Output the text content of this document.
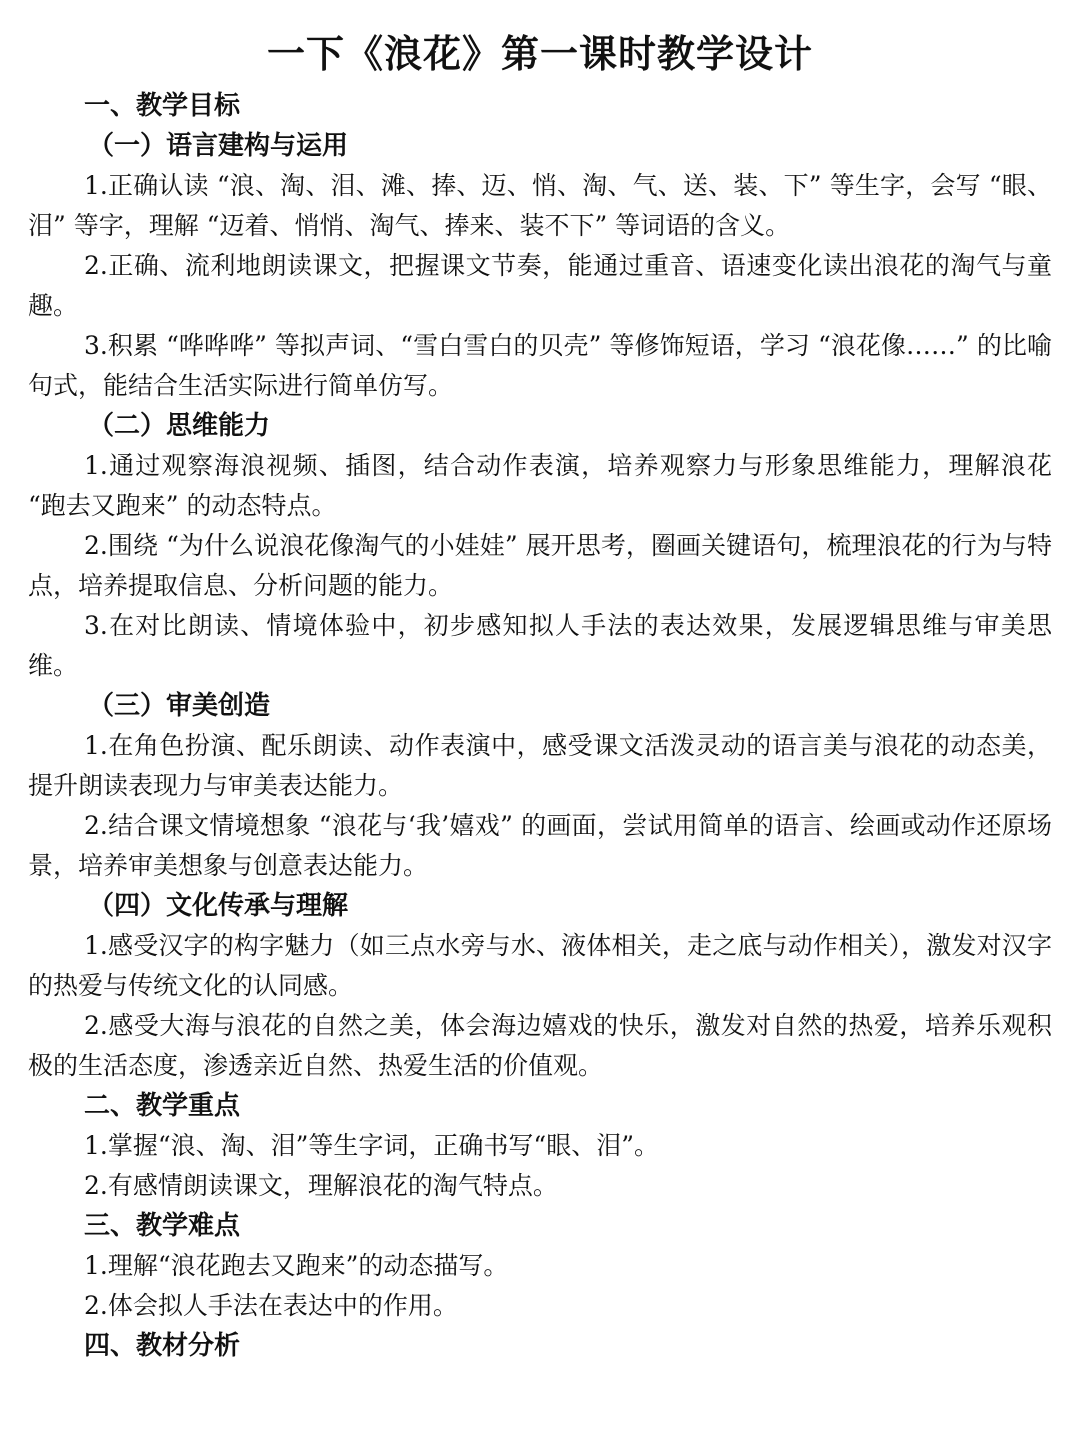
一下《浪花》第一课时教学设计
一、教学目标
（一）语言建构与运用

1.正确认读 “浪、淘、泪、滩、捧、迈、悄、淘、气、送、装、下” 等生字，会写 “眼、泪” 等字，理解 “迈着、悄悄、淘气、捧来、装不下” 等词语的含义。

2.正确、流利地朗读课文，把握课文节奏，能通过重音、语速变化读出浪花的淘气与童趣。

3.积累 “哗哗哗” 等拟声词、“雪白雪白的贝壳” 等修饰短语，学习 “浪花像……” 的比喻句式，能结合生活实际进行简单仿写。

（二）思维能力

1.通过观察海浪视频、插图，结合动作表演，培养观察力与形象思维能力，理解浪花 “跑去又跑来” 的动态特点。

2.围绕 “为什么说浪花像淘气的小娃娃” 展开思考，圈画关键语句，梳理浪花的行为与特点，培养提取信息、分析问题的能力。

3.在对比朗读、情境体验中，初步感知拟人手法的表达效果，发展逻辑思维与审美思维。

（三）审美创造

1.在角色扮演、配乐朗读、动作表演中，感受课文活泼灵动的语言美与浪花的动态美，提升朗读表现力与审美表达能力。

2.结合课文情境想象 “浪花与‘我’嬉戏” 的画面，尝试用简单的语言、绘画或动作还原场景，培养审美想象与创意表达能力。

（四）文化传承与理解

1.感受汉字的构字魅力（如三点水旁与水、液体相关，走之底与动作相关），激发对汉字的热爱与传统文化的认同感。

2.感受大海与浪花的自然之美，体会海边嬉戏的快乐，激发对自然的热爱，培养乐观积极的生活态度，渗透亲近自然、热爱生活的价值观。

二、教学重点

1.掌握“浪、淘、泪”等生字词，正确书写“眼、泪”。

2.有感情朗读课文，理解浪花的淘气特点。

三、教学难点

1.理解“浪花跑去又跑来”的动态描写。

2.体会拟人手法在表达中的作用。

四、教材分析
